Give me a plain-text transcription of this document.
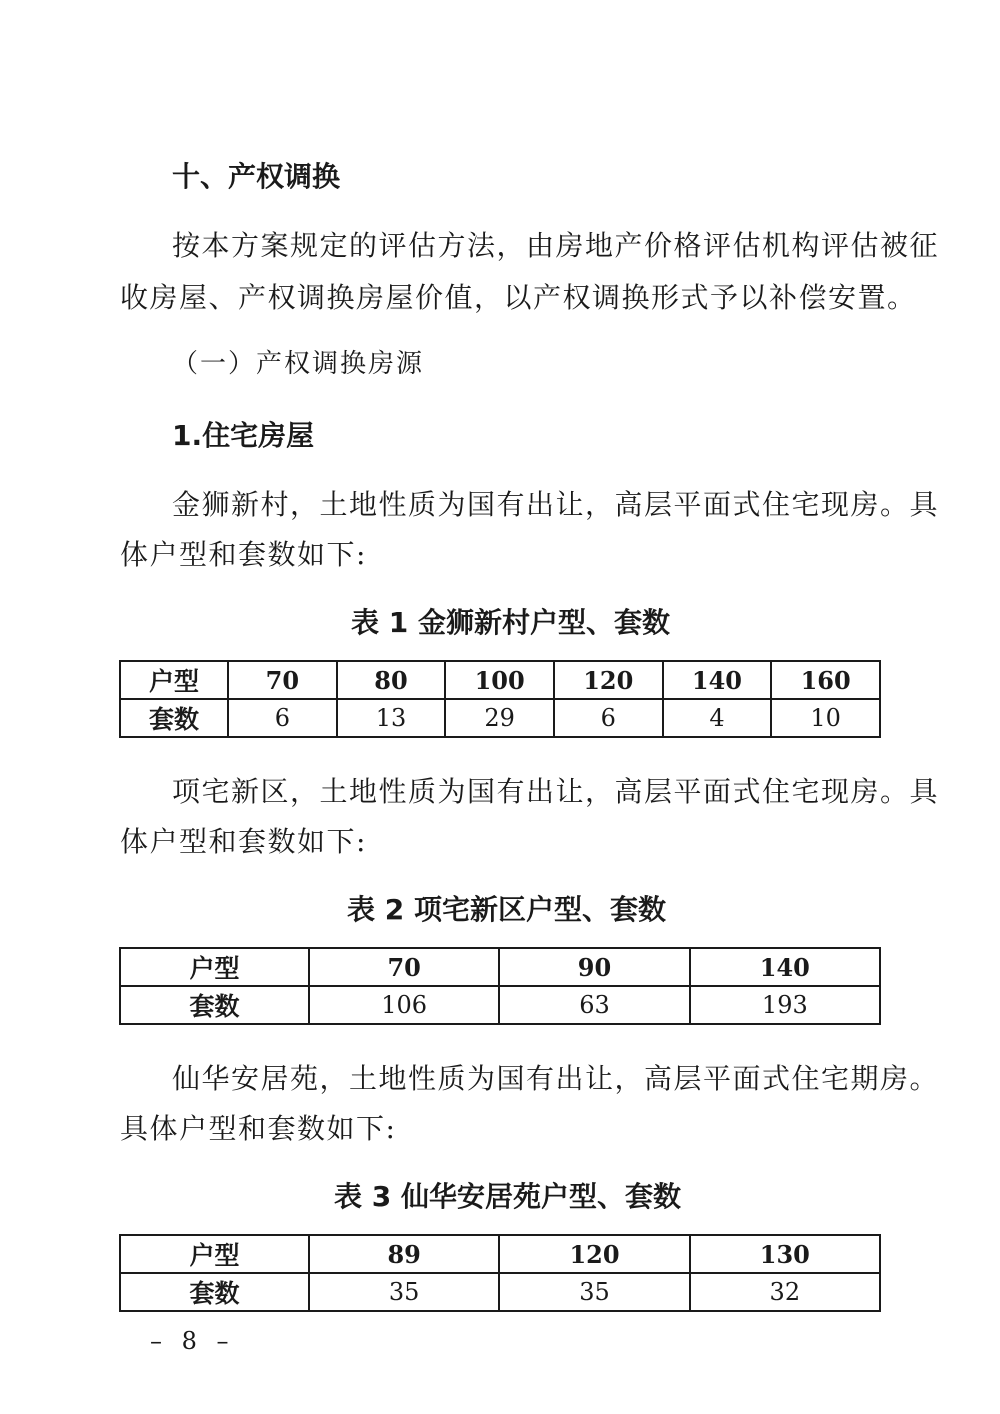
十、产权调换
按本方案规定的评估方法，由房地产价格评估机构评估被征
收房屋、产权调换房屋价值，以产权调换形式予以补偿安置。
（一）产权调换房源
1.住宅房屋
金狮新村，土地性质为国有出让，高层平面式住宅现房。具
体户型和套数如下:
表 1 金狮新村户型、套数
户型	70	80	100	120	140	160
套数	6	13	29	6	4	10
项宅新区，土地性质为国有出让，高层平面式住宅现房。具
体户型和套数如下:
表 2 项宅新区户型、套数
户型	70	90	140
套数	106	63	193
仙华安居苑，土地性质为国有出让，高层平面式住宅期房。
具体户型和套数如下:
表 3 仙华安居苑户型、套数
户型	89	120	130
套数	35	35	32
– 8 –
